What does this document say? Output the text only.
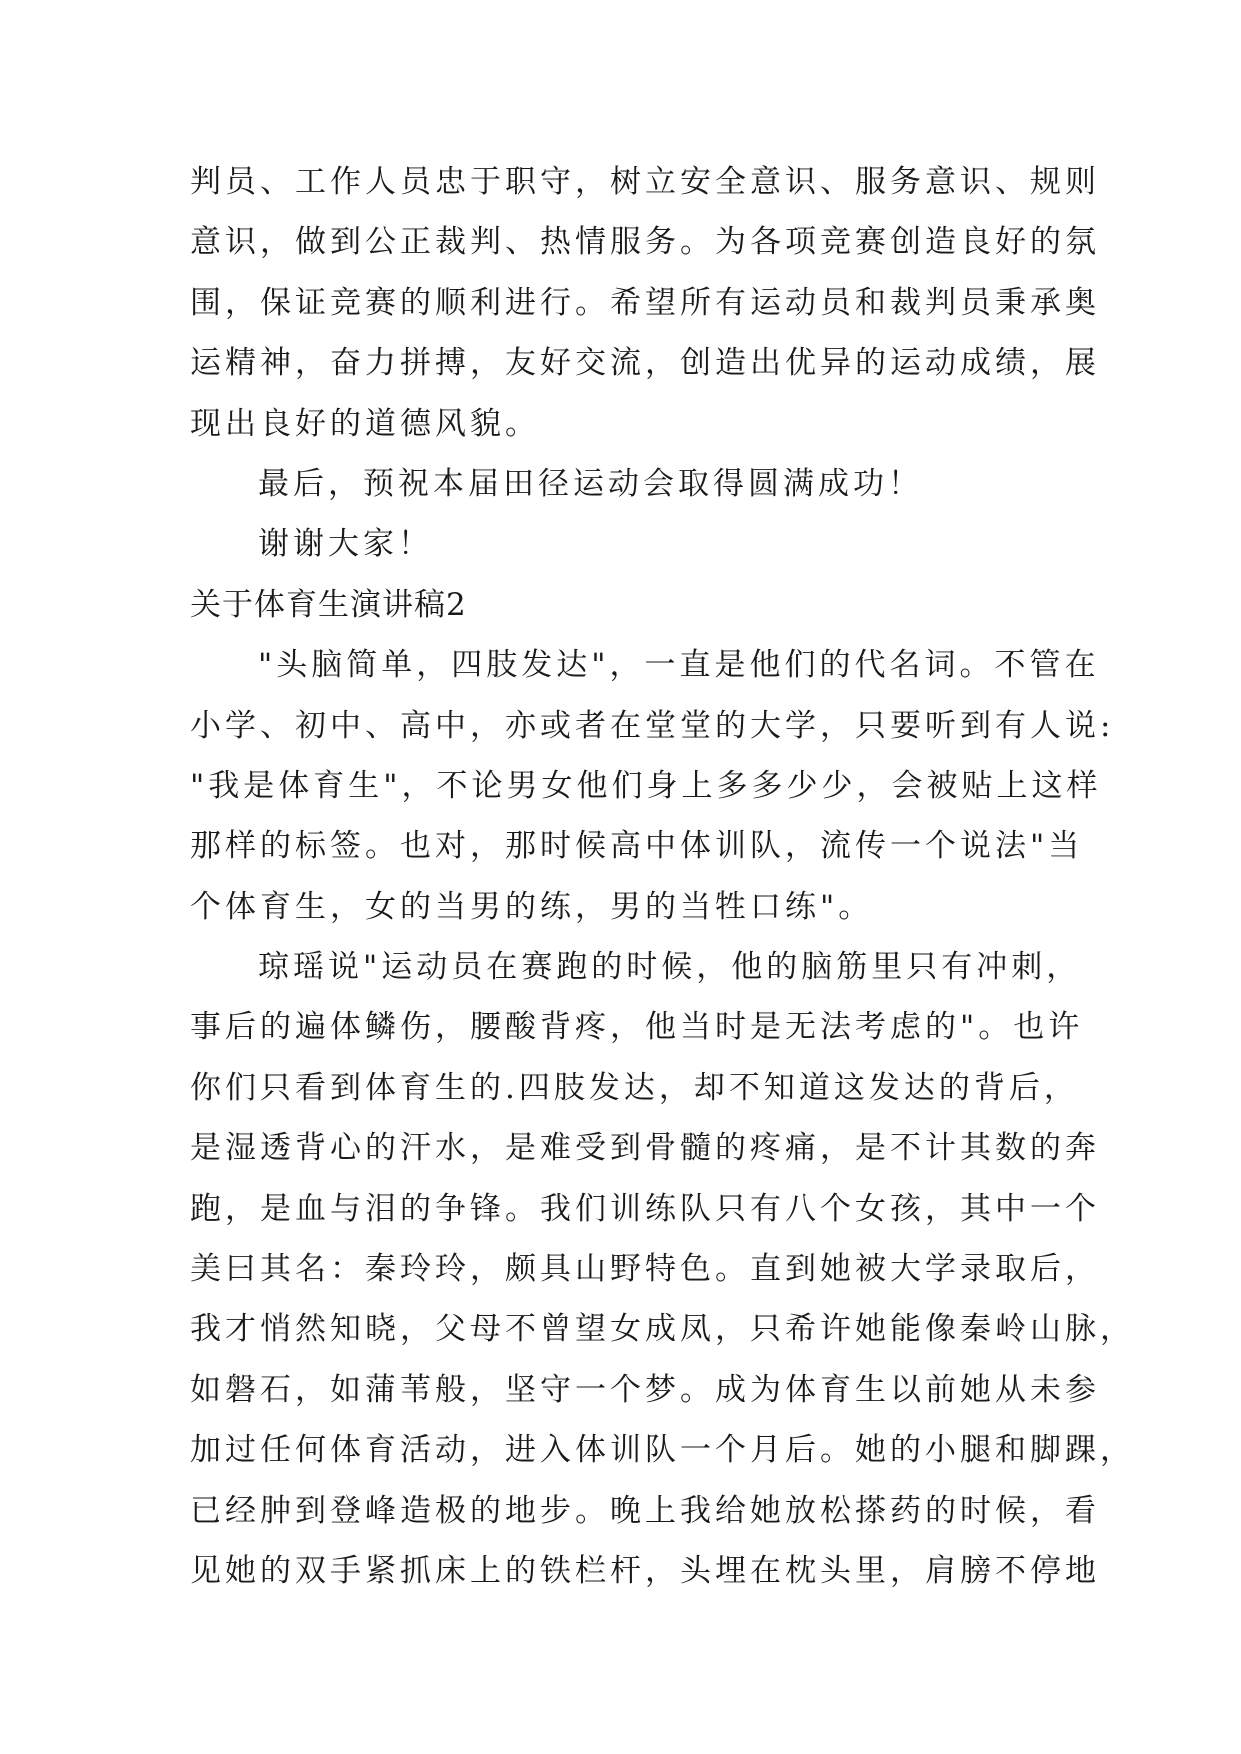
判员、工作人员忠于职守，树立安全意识、服务意识、规则
意识，做到公正裁判、热情服务。为各项竞赛创造良好的氛
围，保证竞赛的顺利进行。希望所有运动员和裁判员秉承奥
运精神，奋力拼搏，友好交流，创造出优异的运动成绩，展
现出良好的道德风貌。
最后，预祝本届田径运动会取得圆满成功！
谢谢大家！
关于体育生演讲稿2
"头脑简单，四肢发达"，一直是他们的代名词。不管在
小学、初中、高中，亦或者在堂堂的大学，只要听到有人说:
"我是体育生"，不论男女他们身上多多少少，会被贴上这样
那样的标签。也对，那时候高中体训队，流传一个说法"当
个体育生，女的当男的练，男的当牲口练"。
琼瑶说"运动员在赛跑的时候，他的脑筋里只有冲刺，
事后的遍体鳞伤，腰酸背疼，他当时是无法考虑的"。也许
你们只看到体育生的.四肢发达，却不知道这发达的背后，
是湿透背心的汗水，是难受到骨髓的疼痛，是不计其数的奔
跑，是血与泪的争锋。我们训练队只有八个女孩，其中一个
美曰其名：秦玲玲，颇具山野特色。直到她被大学录取后，
我才悄然知晓，父母不曾望女成凤，只希许她能像秦岭山脉，
如磐石，如蒲苇般，坚守一个梦。成为体育生以前她从未参
加过任何体育活动，进入体训队一个月后。她的小腿和脚踝，
已经肿到登峰造极的地步。晚上我给她放松搽药的时候，看
见她的双手紧抓床上的铁栏杆，头埋在枕头里，肩膀不停地
